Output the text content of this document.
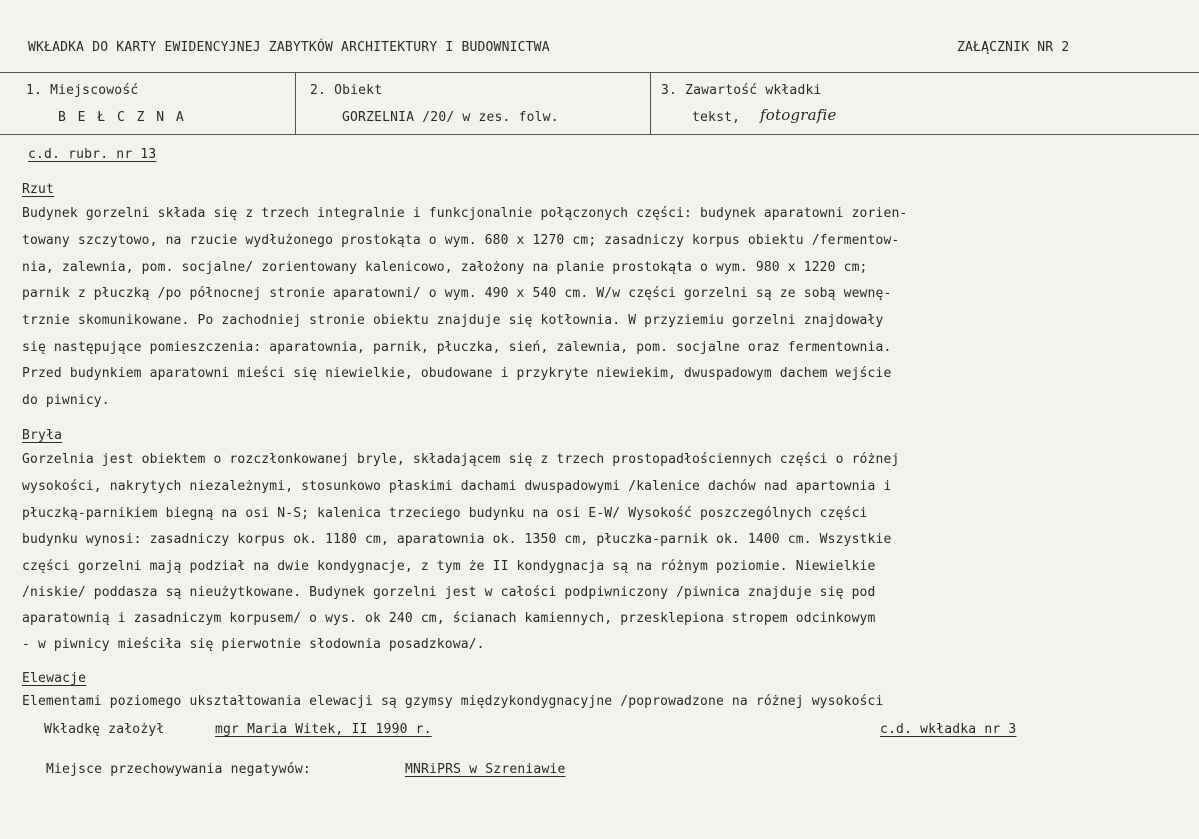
WKŁADKA DO KARTY EWIDENCYJNEJ ZABYTKÓW ARCHITEKTURY I BUDOWNICTWA	ZAŁĄCZNIK NR 2
1. Miejscowość
B E Ł C Z N A
2. Obiekt
GORZELNIA /20/ w zes. folw.
3. Zawartość wkładki
tekst, fotografie
c.d. rubr. nr 13
Rzut
Budynek gorzelni składa się z trzech integralnie i funkcjonalnie połączonych części: budynek aparatowni zorien-
towany szczytowo, na rzucie wydłużonego prostokąta o wym. 680 x 1270 cm; zasadniczy korpus obiektu /fermentow-
nia, zalewnia, pom. socjalne/ zorientowany kalenicowo, założony na planie prostokąta o wym. 980 x 1220 cm;
parnik z płuczką /po północnej stronie aparatowni/ o wym. 490 x 540 cm. W/w części gorzelni są ze sobą wewnę-
trznie skomunikowane. Po zachodniej stronie obiektu znajduje się kotłownia. W przyziemiu gorzelni znajdowały
się następujące pomieszczenia: aparatownia, parnik, płuczka, sień, zalewnia, pom. socjalne oraz fermentownia.
Przed budynkiem aparatowni mieści się niewielkie, obudowane i przykryte niewiekim, dwuspadowym dachem wejście
do piwnicy.
Bryła
Gorzelnia jest obiektem o rozczłonkowanej bryle, składającem się z trzech prostopadłościennych części o różnej
wysokości, nakrytych niezależnymi, stosunkowo płaskimi dachami dwuspadowymi /kalenice dachów nad apartownia i
płuczką-parnikiem biegną na osi N-S; kalenica trzeciego budynku na osi E-W/ Wysokość poszczególnych części
budynku wynosi: zasadniczy korpus ok. 1180 cm, aparatownia ok. 1350 cm, płuczka-parnik ok. 1400 cm. Wszystkie
części gorzelni mają podział na dwie kondygnacje, z tym że II kondygnacja są na różnym poziomie. Niewielkie
/niskie/ poddasza są nieużytkowane. Budynek gorzelni jest w całości podpiwniczony /piwnica znajduje się pod
aparatownią i zasadniczym korpusem/ o wys. ok 240 cm, ścianach kamiennych, przesklepiona stropem odcinkowym
- w piwnicy mieściła się pierwotnie słodownia posadzkowa/.
Elewacje
Elementami poziomego ukształtowania elewacji są gzymsy międzykondygnacyjne /poprowadzone na różnej wysokości
Wkładkę założył	mgr Maria Witek, II 1990 r.	c.d. wkładka nr 3
Miejsce przechowywania negatywów:	MNRiPRS w Szreniawie
